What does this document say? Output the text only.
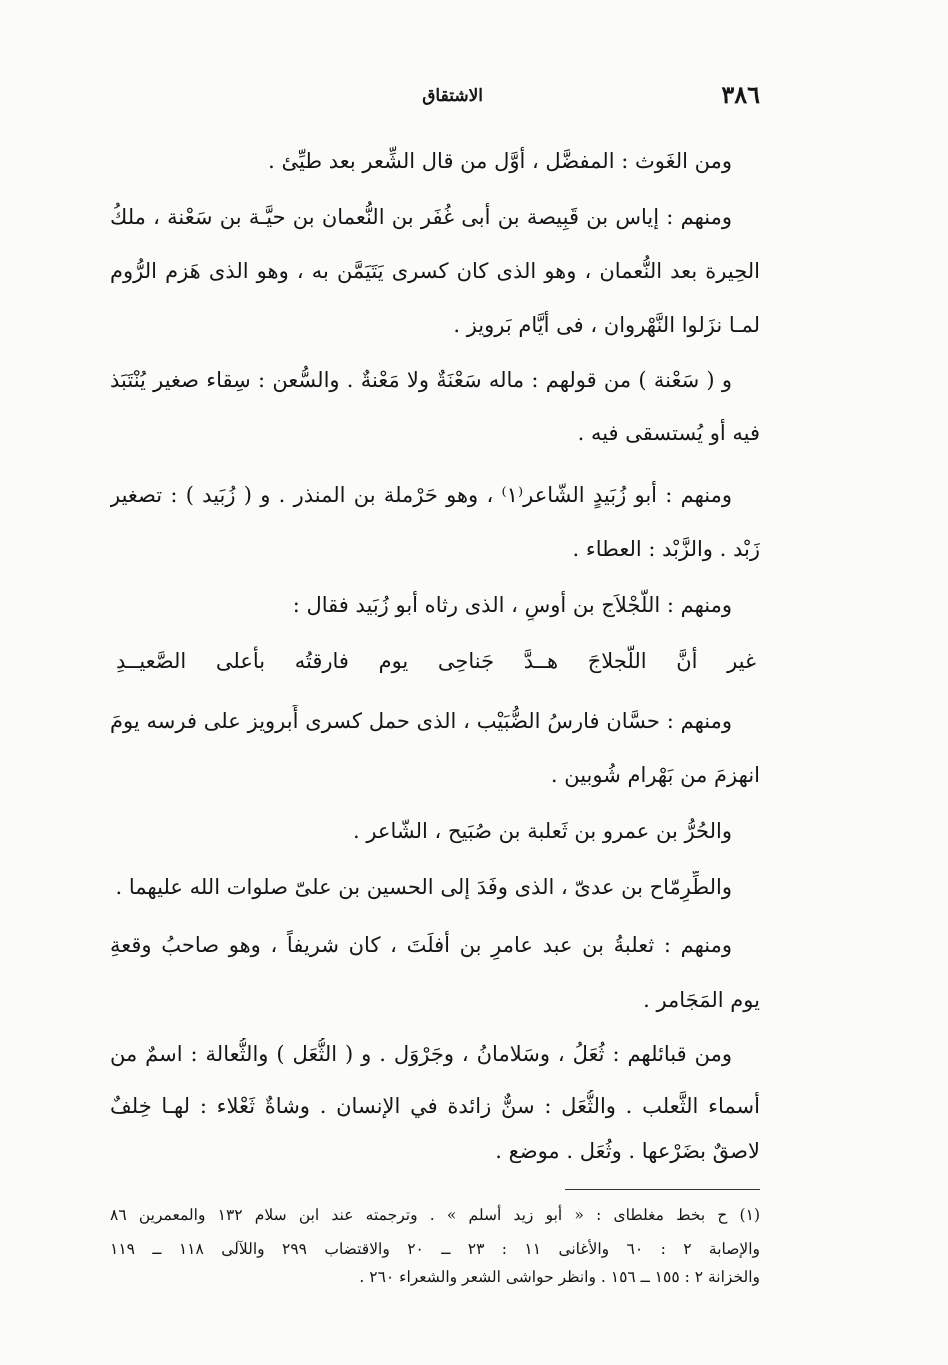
٣٨٦
الاشتقاق
ومن الغَوث : المفضَّل ، أوَّل من قال الشِّعر بعد طيِّئ .
ومنهم : إياس بن قَبِيصة بن أبى غُفَر بن النُّعمان بن حيَّـة بن سَعْنة ، ملكُ
الحِيرة بعد النُّعمان ، وهو الذى كان كسرى يَتَيَمَّن به ، وهو الذى هَزم الرُّوم
لمـا نزَلوا النَّهْروان ، فى أيَّام بَرويز .
و ( سَعْنة ) من قولهم : ماله سَعْنَةٌ ولا مَعْنةٌ . والسُّعن : سِقاء صغير يُنْتَبَذ
فيه أو يُستسقى فيه .
ومنهم : أبو زُبَيدٍ الشّاعر⁽١⁾ ، وهو حَرْملة بن المنذر . و ( زُبَيد ) : تصغير
زَبْد . والزَّبْد : العطاء .
ومنهم : اللَّجْلاَج بن أوسٍ ، الذى رثاه أبو زُبَيد فقال :
غير أنَّ اللَّجلاجَ هــدَّ جَناحِى يوم فارقتُه بأعلى الصَّعيــدِ
ومنهم : حسَّان فارسُ الضُّبَيْب ، الذى حمل كسرى أَبرويز على فرسه يومَ
انهزمَ من بَهْرام شُوبين .
والحُرُّ بن عمرو بن ثَعلبة بن صُبَيح ، الشّاعر .
والطِّرِمّاح بن عدىّ ، الذى وفَدَ إلى الحسين بن علىّ صلوات الله عليهما .
ومنهم : ثعلبةُ بن عبد عامرِ بن أفلَتَ ، كان شريفاً ، وهو صاحبُ وقعةِ
يوم المَجَامر .
ومن قبائلهم : ثُعَلُ ، وسَلامانُ ، وجَرْوَل . و ( الثُّعَل ) والثُّعالة : اسمٌ من
أسماء الثَّعلب . والثُّعَل : سنٌّ زائدة في الإنسان . وشاةٌ ثَعْلاء : لهـا خِلفٌ
لاصقٌ بضَرْعها . وثُعَل . موضع .
(١) ح بخط مغلطاى : « أبو زيد أسلم » . وترجمته عند ابن سلام ١٣٢ والمعمرين ٨٦
والإصابة ٢ : ٦٠ والأغانى ١١ : ٢٣ ــ ٢٠ والاقتضاب ٢٩٩ واللآلى ١١٨ ــ ١١٩
والخزانة ٢ : ١٥٥ ــ ١٥٦ . وانظر حواشى الشعر والشعراء ٢٦٠ .
